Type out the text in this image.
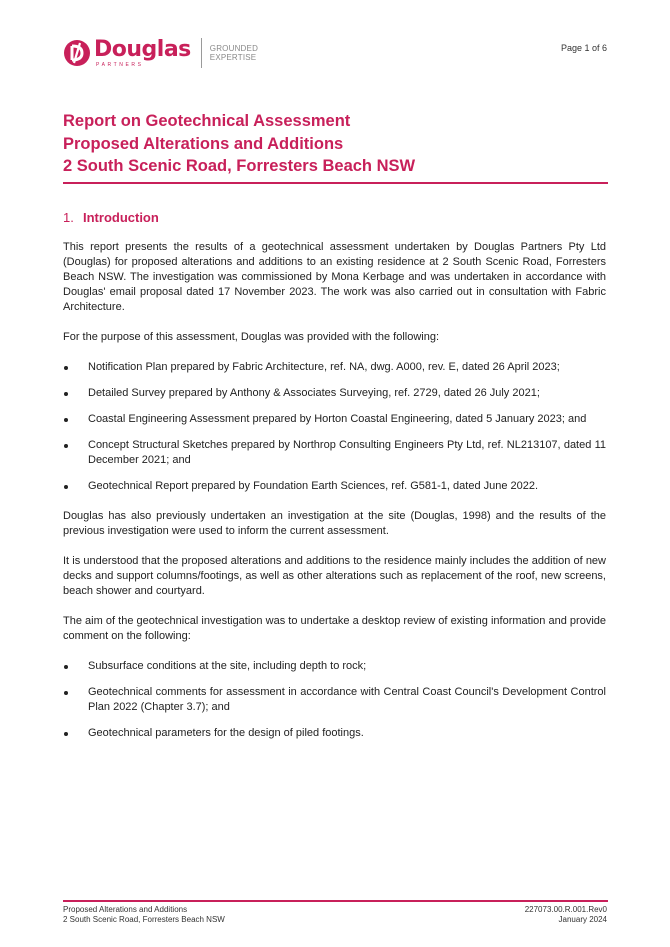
Douglas
PARTNERS
GROUNDED
EXPERTISE
Page 1 of 6
Report on Geotechnical Assessment
Proposed Alterations and Additions
2 South Scenic Road, Forresters Beach NSW
1. Introduction

This report presents the results of a geotechnical assessment undertaken by Douglas Partners Pty Ltd (Douglas) for proposed alterations and additions to an existing residence at 2 South Scenic Road, Forresters Beach NSW. The investigation was commissioned by Mona Kerbage and was undertaken in accordance with Douglas' email proposal dated 17 November 2023. The work was also carried out in consultation with Fabric Architecture.

For the purpose of this assessment, Douglas was provided with the following:

Notification Plan prepared by Fabric Architecture, ref. NA, dwg. A000, rev. E, dated 26 April 2023;
Detailed Survey prepared by Anthony & Associates Surveying, ref. 2729, dated 26 July 2021;
Coastal Engineering Assessment prepared by Horton Coastal Engineering, dated 5 January 2023; and
Concept Structural Sketches prepared by Northrop Consulting Engineers Pty Ltd, ref. NL213107, dated 11 December 2021; and
Geotechnical Report prepared by Foundation Earth Sciences, ref. G581-1, dated June 2022.

Douglas has also previously undertaken an investigation at the site (Douglas, 1998) and the results of the previous investigation were used to inform the current assessment.

It is understood that the proposed alterations and additions to the residence mainly includes the addition of new decks and support columns/footings, as well as other alterations such as replacement of the roof, new screens, beach shower and courtyard.

The aim of the geotechnical investigation was to undertake a desktop review of existing information and provide comment on the following:

Subsurface conditions at the site, including depth to rock;
Geotechnical comments for assessment in accordance with Central Coast Council's Development Control Plan 2022 (Chapter 3.7); and
Geotechnical parameters for the design of piled footings.
Proposed Alterations and Additions
2 South Scenic Road, Forresters Beach NSW
227073.00.R.001.Rev0
January 2024
